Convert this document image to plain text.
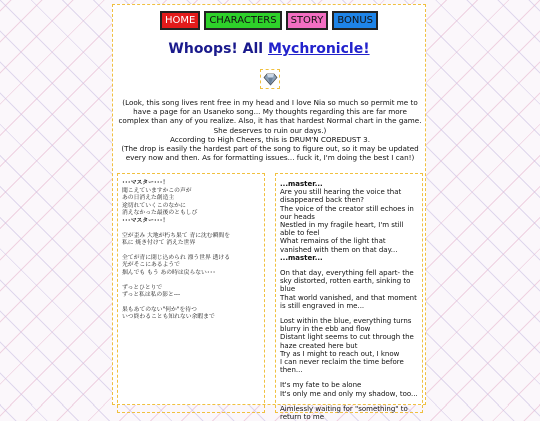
HOME CHARACTERS STORY BONUS
Whoops! All Mychronicle!

(Look, this song lives rent free in my head and I love Nia so much so permit me to have a page for an Usaneko song... My thoughts regarding this are far more complex than any of you realize. Also, it has that hardest Normal chart in the game. She deserves to ruin our days.)

According to High Cheers, this is DRUM'N COREDUST 3.

(The drop is easily the hardest part of the song to figure out, so it may be updated every now and then. As for formatting issues... fuck it, I'm doing the best I can!)

･･･マスター･･･！
聞こえていますかこの声が
あの日消えた創造主
途切れていくこのなかに
消えなかった最後のともしび
･･･マスター･･･！
空が歪み 大地が朽ち果て 青に沈む瞬間を
私に 焼き付けて 消えた世界
全てが青に閉じ込められ 漂う世界 透ける
光がそこにあるようで
掴んでも もう あの時は戻らない･･･
ずっとひとりで
ずっと私は私の影と---
果もあてのない"何か"を待つ
いつ終わることも知れない余暇まで
...master...
Are you still hearing the voice that disappeared back then?
The voice of the creator still echoes in our heads
Nestled in my fragile heart, I'm still able to feel
What remains of the light that vanished with them on that day...
...master...
On that day, everything fell apart- the sky distorted, rotten earth, sinking to blue
That world vanished, and that moment is still engraved in me...
Lost within the blue, everything turns blurry in the ebb and flow
Distant light seems to cut through the haze created here but
Try as I might to reach out, I know
I can never reclaim the time before then...
It's my fate to be alone
It's only me and only my shadow, too...
Aimlessly waiting for "something" to return to me
